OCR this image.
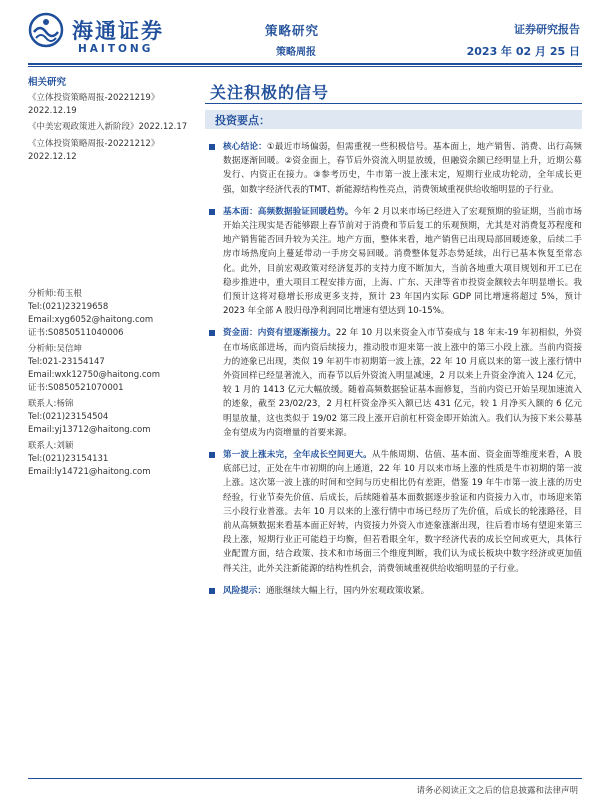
海通证券
HAITONG
策略研究
策略周报
证券研究报告
2023 年 02 月 25 日
相关研究
《立体投资策略周报-20221219》
2022.12.19
《中美宏观政策进入新阶段》2022.12.17
《立体投资策略周报-20221212》
2022.12.12
分析师:荀玉根
Tel:(021)23219658
Email:xyg6052@haitong.com
证书:S0850511040006
分析师:吴信坤
Tel:021-23154147
Email:wxk12750@haitong.com
证书:S0850521070001
联系人:杨锦
Tel:(021)23154504
Email:yj13712@haitong.com
联系人:刘颖
Tel:(021)23154131
Email:ly14721@haitong.com
关注积极的信号
投资要点：
核心结论：①最近市场偏弱，但需重视一些积极信号。基本面上，地产销售、消费、出行高频数据逐渐回暖。②资金面上，春节后外资流入明显放缓，但融资余额已经明显上升，近期公募发行、内资正在接力。③参考历史，牛市第一波上涨末定，短期行业成功轮动，全年成长更强，如数字经济代表的TMT、新能源结构性亮点，消费领域重视供给收缩明显的子行业。
基本面：高频数据验证回暖趋势。今年 2 月以来市场已经进入了宏观预期的验证期，当前市场开始关注现实是否能够跟上春节前对于消费和节后复工的乐观预期，尤其是对消费复苏程度和地产销售能否回升较为关注。地产方面，整体来看，地产销售已出现局部回暖迹象，后续二手房市场热度向上蔓延带动一手房交易回暖。消费整体复苏态势延续，出行已基本恢复至常态化。此外，目前宏观政策对经济复苏的支持力度不断加大，当前各地重大项目规划和开工已在稳步推进中，重大项目工程安排方面，上海、广东、天津等省市投资金额较去年明显增长。我们预计这将对稳增长形成更多支持，预计 23 年国内实际 GDP 同比增速将超过 5%，预计 2023 年全部 A 股归母净利润同比增速有望达到 10-15%。
资金面：内资有望逐渐接力。22 年 10 月以来资金入市节奏成与 18 年末-19 年初相似，外资在市场底部进场，而内资后续接力，推动股市迎来第一波上涨中的第三小段上涨。当前内资接力的迹象已出现，类似 19 年初牛市初期第一波上涨，22 年 10 月底以来的第一波上涨行情中外资回样已经显著流入，而春节以后外资流入明显减速，2 月以来上升资金净流入 124 亿元，较 1 月的 1413 亿元大幅放缓。随着高频数据验证基本面修复，当前内资已开始呈现加速流入的迹象，截至 23/02/23，2 月杠杆资金净买入额已达 431 亿元，较 1 月净买入额的 6 亿元明显放量，这也类似于 19/02 第三段上涨开启前杠杆资金即开始流入。我们认为接下来公募基金有望成为内资增量的首要来源。
第一波上涨未完，全年成长空间更大。从牛熊周期、估值、基本面、资金面等维度来看，A 股底部已过，正处在牛市初期的向上通道，22 年 10 月以来市场上涨的性质是牛市初期的第一波上涨。这次第一波上涨的时间和空间与历史相比仍有差距，借鉴 19 年牛市第一波上涨的历史经验，行业节奏先价值、后成长，后续随着基本面数据逐步验证和内资接力入市，市场迎来第三小段行业普涨。去年 10 月以来的上涨行情中市场已经历了先价值，后成长的轮涨路径，目前从高频数据来看基本面正好转，内资接力外资入市迹象涨渐出现，往后看市场有望迎来第三段上涨，短期行业正可能趋于均衡，但若看眼全年，数字经济代表的成长空间或更大，具体行业配置方面，结合政策、技术和市场面三个维度判断，我们认为成长板块中数字经济或更加值得关注，此外关注新能源的结构性机会，消费领域重视供给收缩明显的子行业。
风险提示：通胀继续大幅上行，国内外宏观政策收紧。
请务必阅读正文之后的信息披露和法律声明
